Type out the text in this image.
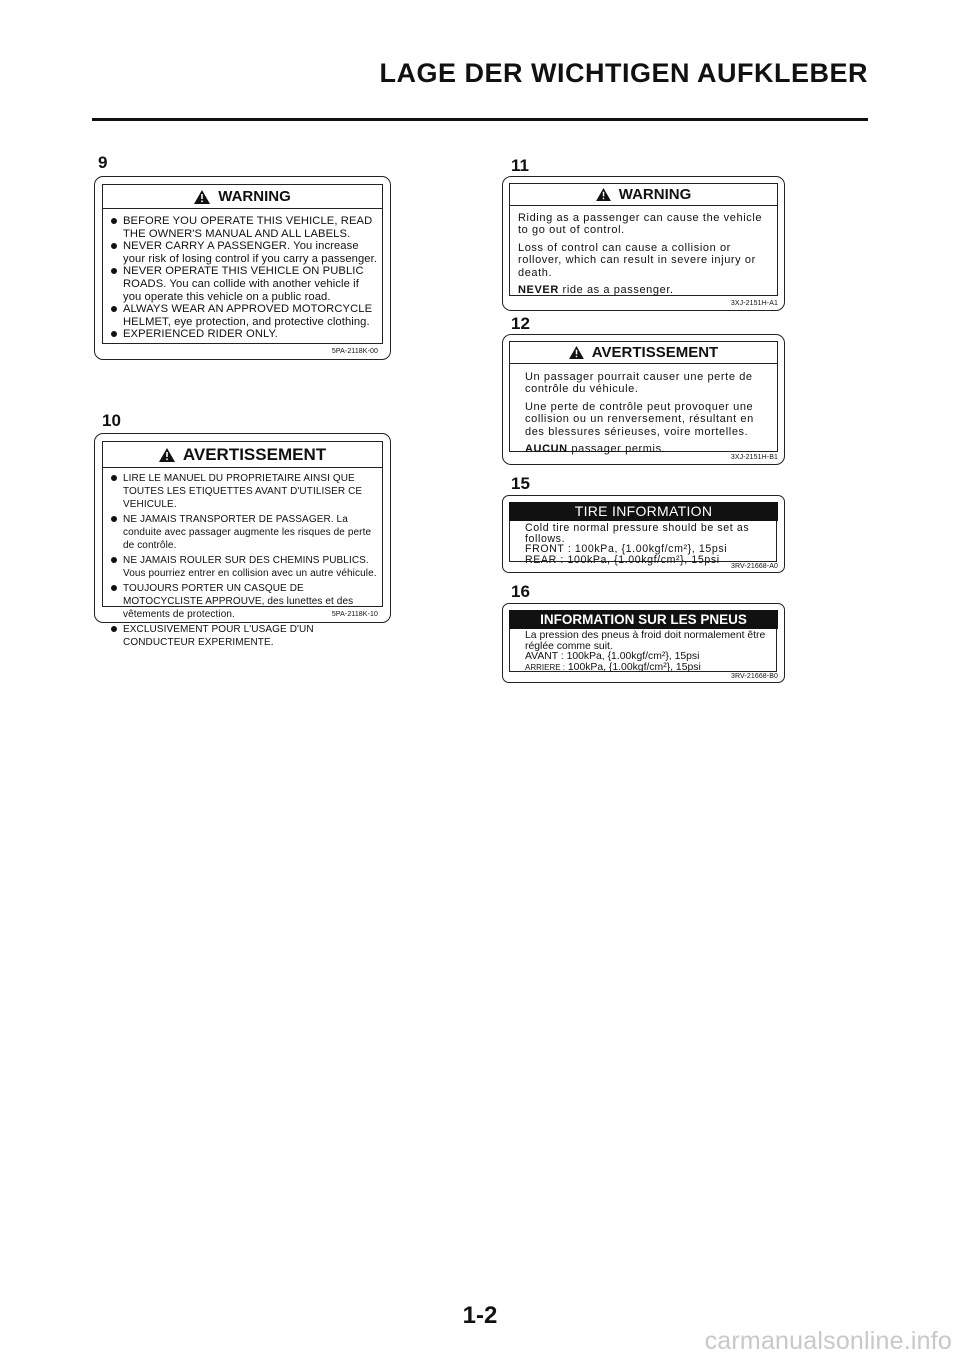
LAGE DER WICHTIGEN AUFKLEBER
9
WARNING
BEFORE YOU OPERATE THIS VEHICLE, READ THE OWNER'S MANUAL AND ALL LABELS.
NEVER CARRY A PASSENGER. You increase your risk of losing control if you carry a passenger.
NEVER OPERATE THIS VEHICLE ON PUBLIC ROADS. You can collide with another vehicle if you operate this vehicle on a public road.
ALWAYS WEAR AN APPROVED MOTORCYCLE HELMET, eye protection, and protective clothing.
EXPERIENCED RIDER ONLY.
5PA-2118K-00
10
AVERTISSEMENT
LIRE LE MANUEL DU PROPRIETAIRE AINSI QUE TOUTES LES ETIQUETTES AVANT D'UTILISER CE VEHICULE.
NE JAMAIS TRANSPORTER DE PASSAGER. La conduite avec passager augmente les risques de perte de contrôle.
NE JAMAIS ROULER SUR DES CHEMINS PUBLICS. Vous pourriez entrer en collision avec un autre véhicule.
TOUJOURS PORTER UN CASQUE DE MOTOCYCLISTE APPROUVE, des lunettes et des vêtements de protection.
EXCLUSIVEMENT POUR L'USAGE D'UN CONDUCTEUR EXPERIMENTE.
5PA-2118K-10
11
WARNING

Riding as a passenger can cause the vehicle to go out of control.

Loss of control can cause a collision or rollover, which can result in severe injury or death.

NEVER ride as a passenger.

3XJ-2151H-A1
12
AVERTISSEMENT

Un passager pourrait causer une perte de contrôle du véhicule.

Une perte de contrôle peut provoquer une collision ou un renversement, résultant en des blessures sérieuses, voire mortelles.

AUCUN passager permis.

3XJ-2151H-B1
15
TIRE INFORMATION
Cold tire normal pressure should be set as follows.
FRONT : 100kPa, {1.00kgf/cm²}, 15psi
REAR : 100kPa, {1.00kgf/cm²}, 15psi
3RV-21668-A0
16
INFORMATION SUR LES PNEUS
La pression des pneus à froid doit normalement être réglée comme suit.
AVANT : 100kPa, {1.00kgf/cm²}, 15psi
ARRIERE : 100kPa, {1.00kgf/cm²}, 15psi
3RV-21668-B0
1-2
carmanualsonline.info
